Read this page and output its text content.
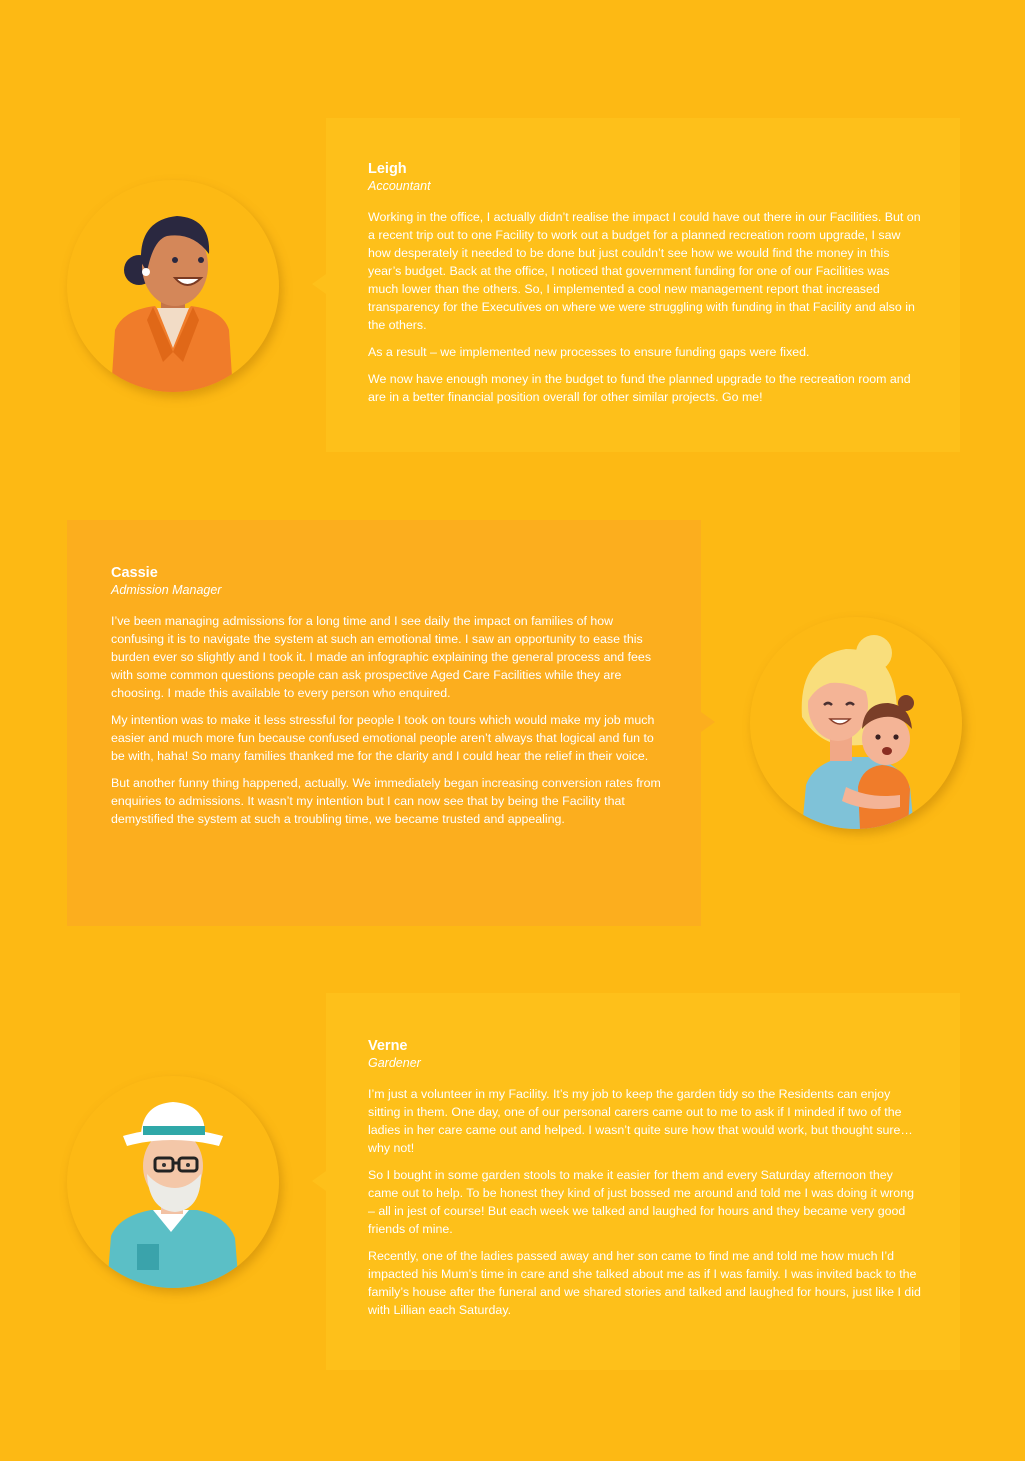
Leigh
Accountant

Working in the office, I actually didn’t realise the impact I could have out there in our Facilities. But on a recent trip out to one Facility to work out a budget for a planned recreation room upgrade, I saw how desperately it needed to be done but just couldn’t see how we would find the money in this year’s budget. Back at the office, I noticed that government funding for one of our Facilities was much lower than the others. So, I implemented a cool new management report that increased transparency for the Executives on where we were struggling with funding in that Facility and also in the others.

As a result – we implemented new processes to ensure funding gaps were fixed.

We now have enough money in the budget to fund the planned upgrade to the recreation room and are in a better financial position overall for other similar projects. Go me!

Cassie
Admission Manager

I’ve been managing admissions for a long time and I see daily the impact on families of how confusing it is to navigate the system at such an emotional time. I saw an opportunity to ease this burden ever so slightly and I took it. I made an infographic explaining the general process and fees with some common questions people can ask prospective Aged Care Facilities while they are choosing. I made this available to every person who enquired.

My intention was to make it less stressful for people I took on tours which would make my job much easier and much more fun because confused emotional people aren’t always that logical and fun to be with, haha! So many families thanked me for the clarity and I could hear the relief in their voice.

But another funny thing happened, actually. We immediately began increasing conversion rates from enquiries to admissions. It wasn’t my intention but I can now see that by being the Facility that demystified the system at such a troubling time, we became trusted and appealing.

Verne
Gardener

I’m just a volunteer in my Facility. It’s my job to keep the garden tidy so the Residents can enjoy sitting in them. One day, one of our personal carers came out to me to ask if I minded if two of the ladies in her care came out and helped. I wasn’t quite sure how that would work, but thought sure…why not!

So I bought in some garden stools to make it easier for them and every Saturday afternoon they came out to help. To be honest they kind of just bossed me around and told me I was doing it wrong – all in jest of course! But each week we talked and laughed for hours and they became very good friends of mine.

Recently, one of the ladies passed away and her son came to find me and told me how much I’d impacted his Mum’s time in care and she talked about me as if I was family. I was invited back to the family’s house after the funeral and we shared stories and talked and laughed for hours, just like I did with Lillian each Saturday.
